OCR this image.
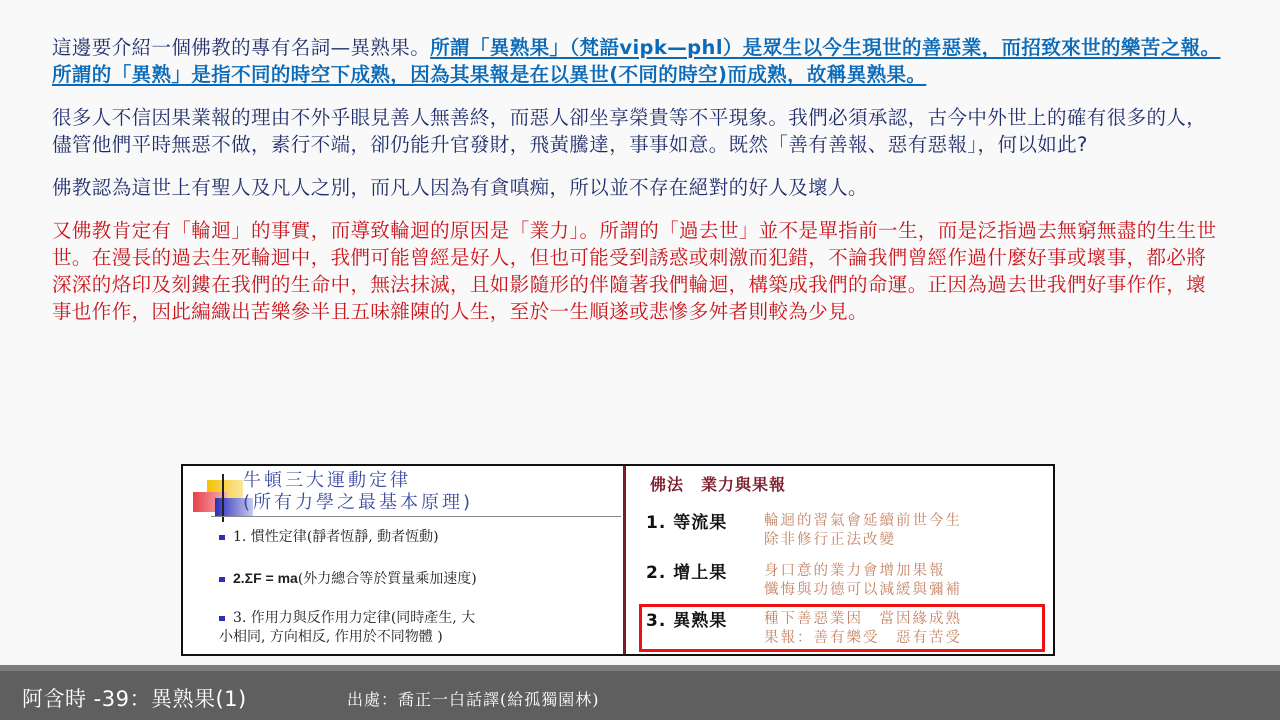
這邊要介紹一個佛教的專有名詞—異熟果。所謂「異熟果」（梵語vipk—phl）是眾生以今生現世的善惡業，而招致來世的樂苦之報。所謂的「異熟」是指不同的時空下成熟，因為其果報是在以異世(不同的時空)而成熟，故稱異熟果。

很多人不信因果業報的理由不外乎眼見善人無善終，而惡人卻坐享榮貴等不平現象。我們必須承認，古今中外世上的確有很多的人，儘管他們平時無惡不做，素行不端，卻仍能升官發財，飛黃騰達，事事如意。既然「善有善報、惡有惡報」，何以如此?

佛教認為這世上有聖人及凡人之別，而凡人因為有貪嗔痴，所以並不存在絕對的好人及壞人。

又佛教肯定有「輪迴」的事實，而導致輪迴的原因是「業力」。所謂的「過去世」並不是單指前一生，而是泛指過去無窮無盡的生生世世。在漫長的過去生死輪迴中，我們可能曾經是好人，但也可能受到誘惑或刺激而犯錯，不論我們曾經作過什麼好事或壞事，都必將深深的烙印及刻鏤在我們的生命中，無法抹滅，且如影隨形的伴隨著我們輪迴，構築成我們的命運。正因為過去世我們好事作作，壞事也作作，因此編織出苦樂參半且五味雜陳的人生，至於一生順遂或悲慘多舛者則較為少見。

牛頓三大運動定律
(所有力學之最基本原理)
1. 慣性定律(靜者恆靜, 動者恆動)
2.ΣF = ma(外力總合等於質量乘加速度)
3. 作用力與反作用力定律(同時產生, 大
小相同, 方向相反, 作用於不同物體 )
佛法　業力與果報
1. 等流果	輪迴的習氣會延續前世今生
除非修行正法改變
2. 增上果	身口意的業力會增加果報
懺悔與功德可以減緩與彌補
3. 異熟果	種下善惡業因　當因緣成熟
果報：善有樂受　惡有苦受
阿含時 -39：異熟果(1)	出處：喬正一白話譯(給孤獨園林)
